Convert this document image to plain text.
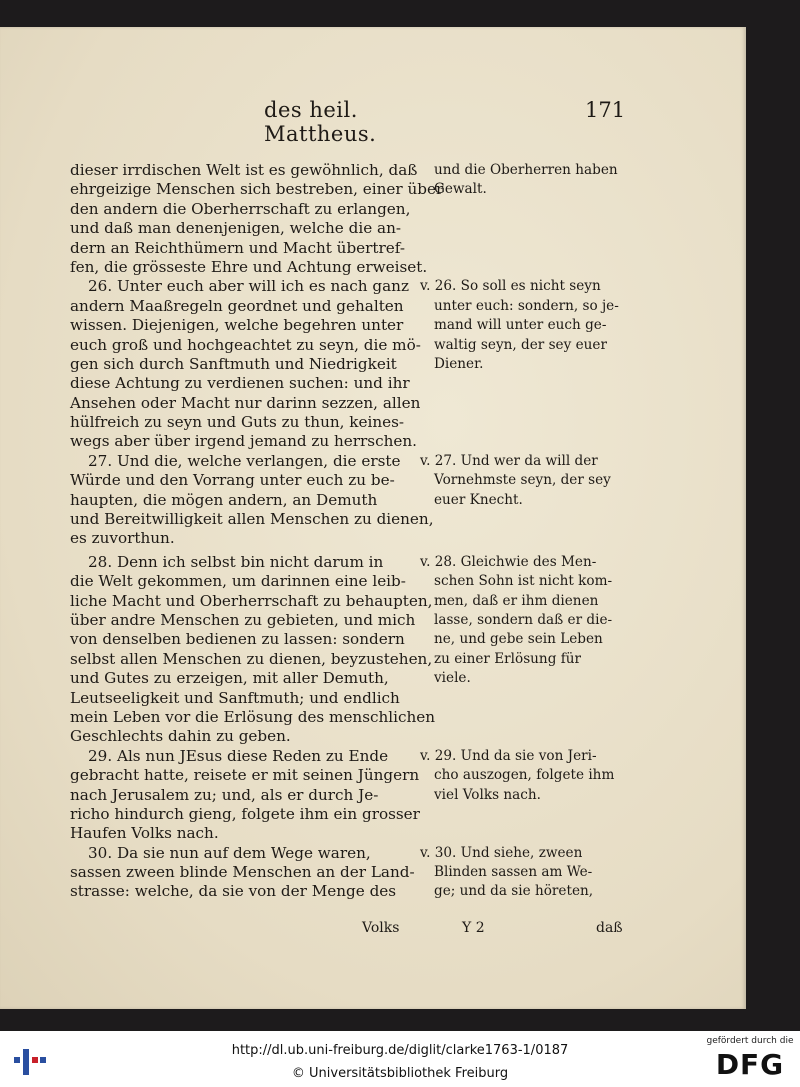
des heil. Mattheus.
171
dieser irrdischen Welt ist es gewöhnlich, daß
ehrgeizige Menschen sich bestreben, einer über
den andern die Oberherrschaft zu erlangen,
und daß man denenjenigen, welche die an-
dern an Reichthümern und Macht übertref-
fen, die grösseste Ehre und Achtung erweiset.
26. Unter euch aber will ich es nach ganz
andern Maaßregeln geordnet und gehalten
wissen. Diejenigen, welche begehren unter
euch groß und hochgeachtet zu seyn, die mö-
gen sich durch Sanftmuth und Niedrigkeit
diese Achtung zu verdienen suchen: und ihr
Ansehen oder Macht nur darinn sezzen, allen
hülfreich zu seyn und Guts zu thun, keines-
wegs aber über irgend jemand zu herrschen.
27. Und die, welche verlangen, die erste
Würde und den Vorrang unter euch zu be-
haupten, die mögen andern, an Demuth
und Bereitwilligkeit allen Menschen zu dienen,
es zuvorthun.
28. Denn ich selbst bin nicht darum in
die Welt gekommen, um darinnen eine leib-
liche Macht und Oberherrschaft zu behaupten,
über andre Menschen zu gebieten, und mich
von denselben bedienen zu lassen: sondern
selbst allen Menschen zu dienen, beyzustehen,
und Gutes zu erzeigen, mit aller Demuth,
Leutseeligkeit und Sanftmuth; und endlich
mein Leben vor die Erlösung des menschlichen
Geschlechts dahin zu geben.
29. Als nun JEsus diese Reden zu Ende
gebracht hatte, reisete er mit seinen Jüngern
nach Jerusalem zu; und, als er durch Je-
richo hindurch gieng, folgete ihm ein grosser
Haufen Volks nach.
30. Da sie nun auf dem Wege waren,
sassen zween blinde Menschen an der Land-
strasse: welche, da sie von der Menge des
und die Oberherren haben
Gewalt.
v. 26. So soll es nicht seyn
unter euch: sondern, so je-
mand will unter euch ge-
waltig seyn, der sey euer
Diener.
v. 27. Und wer da will der
Vornehmste seyn, der sey
euer Knecht.
v. 28. Gleichwie des Men-
schen Sohn ist nicht kom-
men, daß er ihm dienen
lasse, sondern daß er die-
ne, und gebe sein Leben
zu einer Erlösung für
viele.
v. 29. Und da sie von Jeri-
cho auszogen, folgete ihm
viel Volks nach.
v. 30. Und siehe, zween
Blinden sassen am We-
ge; und da sie höreten,
Volks	Y 2	daß
http://dl.ub.uni-freiburg.de/diglit/clarke1763-1/0187
© Universitätsbibliothek Freiburg
gefördert durch die
DFG
